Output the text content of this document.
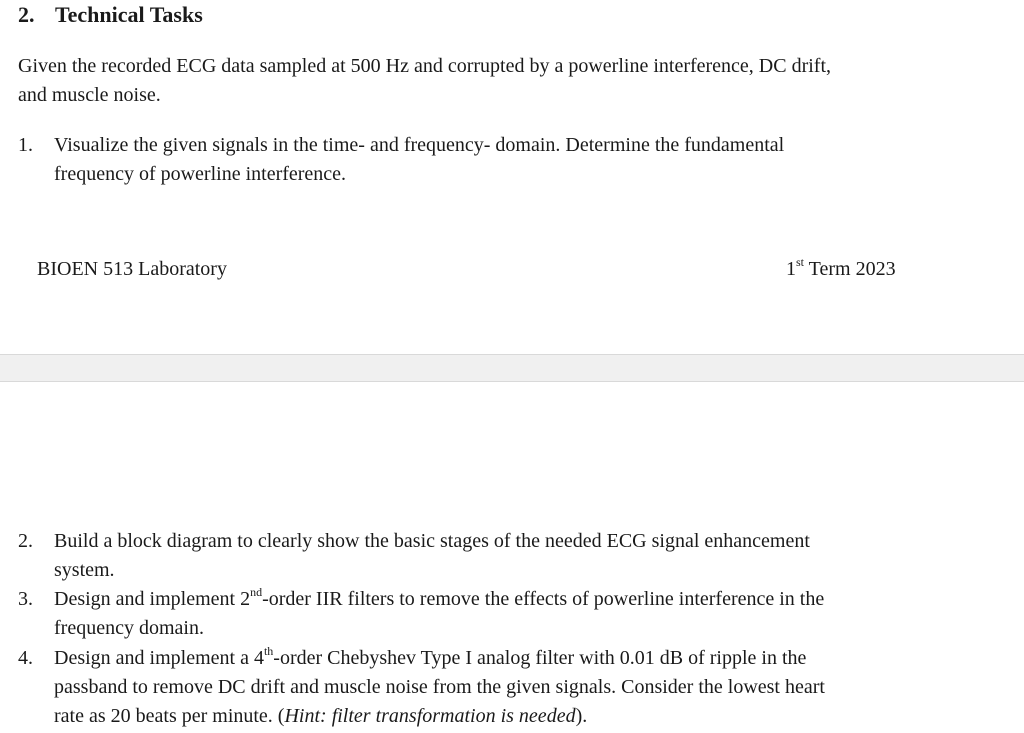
2. Technical Tasks
Given the recorded ECG data sampled at 500 Hz and corrupted by a powerline interference, DC drift,
and muscle noise.
1. Visualize the given signals in the time- and frequency- domain. Determine the fundamental
frequency of powerline interference.
BIOEN 513 Laboratory	1st Term 2023
2. Build a block diagram to clearly show the basic stages of the needed ECG signal enhancement
system.
3. Design and implement 2nd-order IIR filters to remove the effects of powerline interference in the
frequency domain.
4. Design and implement a 4th-order Chebyshev Type I analog filter with 0.01 dB of ripple in the
passband to remove DC drift and muscle noise from the given signals. Consider the lowest heart
rate as 20 beats per minute. (Hint: filter transformation is needed).
